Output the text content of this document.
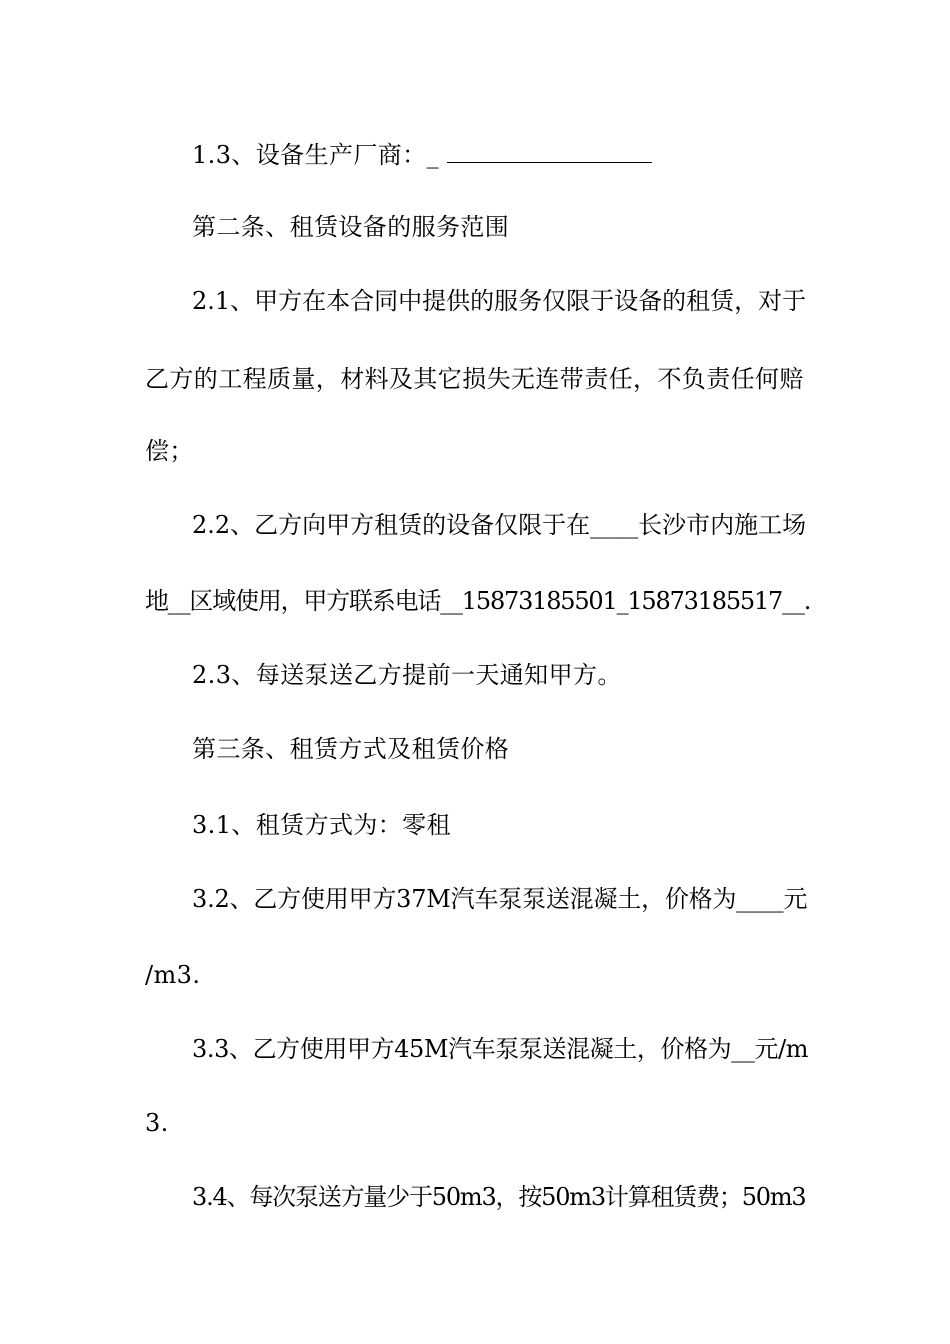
1.3、设备生产厂商：_
第二条、租赁设备的服务范围
2.1、甲方在本合同中提供的服务仅限于设备的租赁，对于
乙方的工程质量，材料及其它损失无连带责任，不负责任何赔
偿；
2.2、乙方向甲方租赁的设备仅限于在____长沙市内施工场
地__区域使用，甲方联系电话__15873185501_15873185517__.
2.3、每送泵送乙方提前一天通知甲方。
第三条、租赁方式及租赁价格
3.1、租赁方式为：零租
3.2、乙方使用甲方37M汽车泵泵送混凝土，价格为____元
/m3.
3.3、乙方使用甲方45M汽车泵泵送混凝土，价格为__元/m
3.
3.4、每次泵送方量少于50m3，按50m3计算租赁费；50m3
